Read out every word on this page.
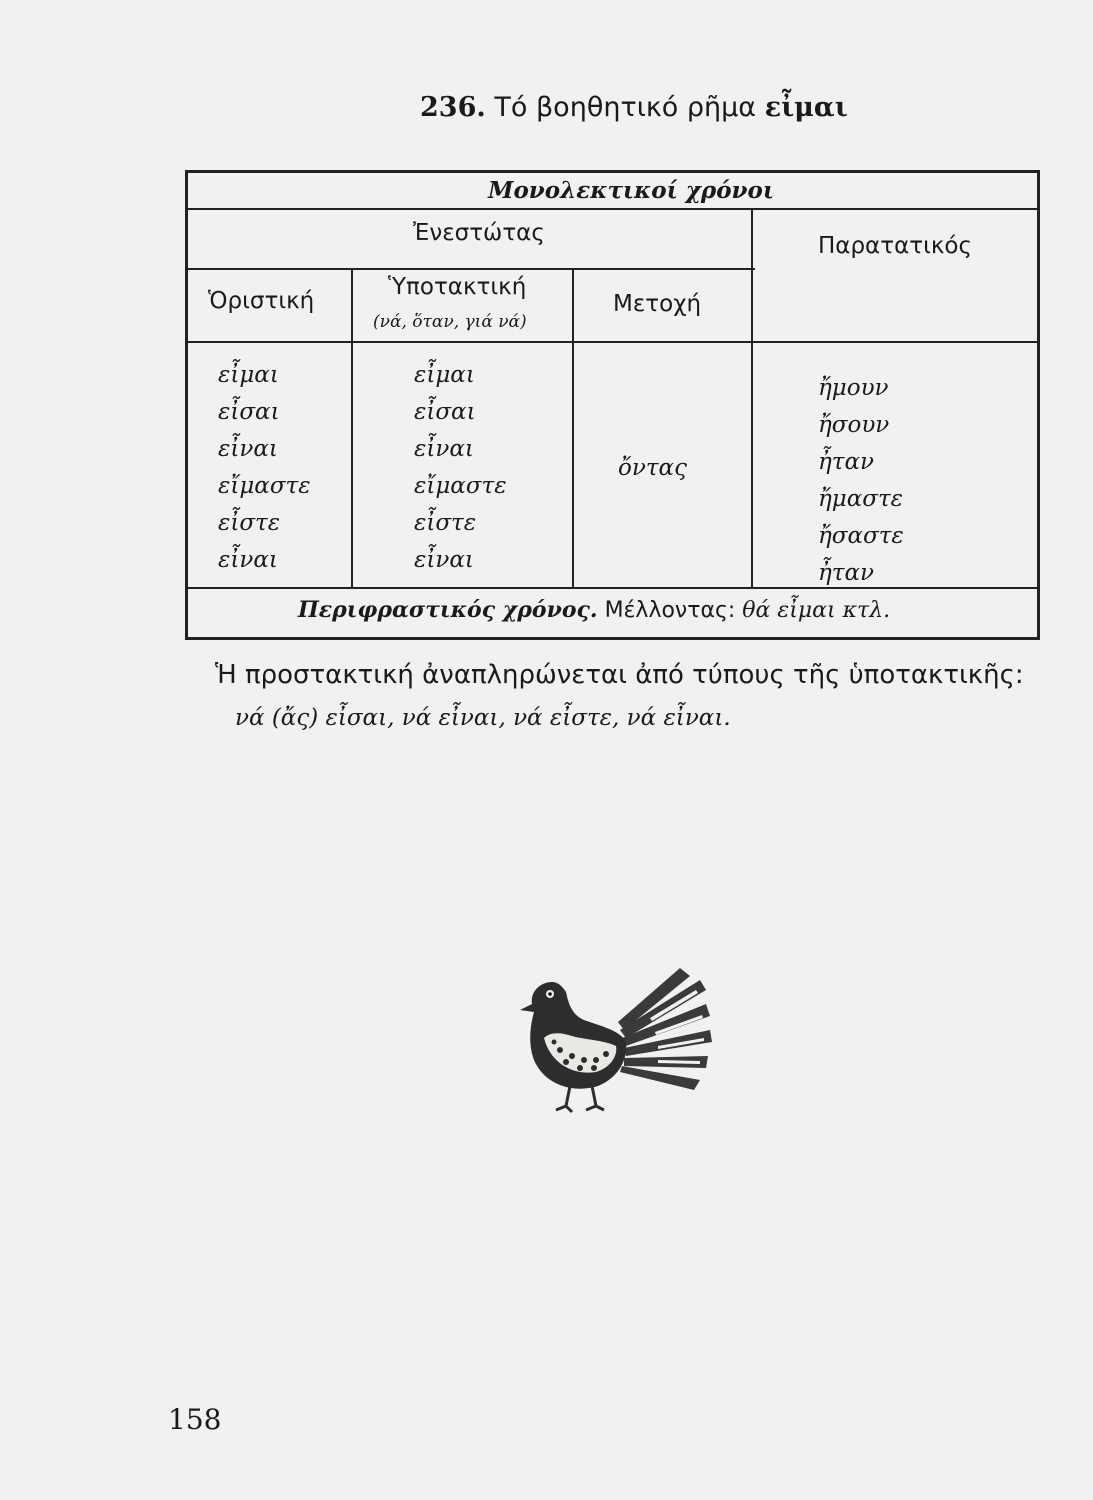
236. Τό βοηθητικό ρῆμα εἶμαι
Μονολεκτικοί χρόνοι
Ἐνεστώτας	Παρατατικός
Ὁριστική
Ὑποτακτική
(νά, ὅταν, γιά νά)
Μετοχή
εἶμαι
εἶσαι
εἶναι
εἴμαστε
εἶστε
εἶναι
εἶμαι
εἶσαι
εἶναι
εἴμαστε
εἶστε
εἶναι
ὄντας
ἤμουν
ἤσουν
ἦταν
ἤμαστε
ἤσαστε
ἦταν
Περιφραστικός χρόνος. Μέλλοντας: θά εἶμαι κτλ.
Ἡ προστακτική ἀναπληρώνεται ἀπό τύπους τῆς ὑποτακτικῆς:
νά (ἄς) εἶσαι, νά εἶναι, νά εἶστε, νά εἶναι.
158
